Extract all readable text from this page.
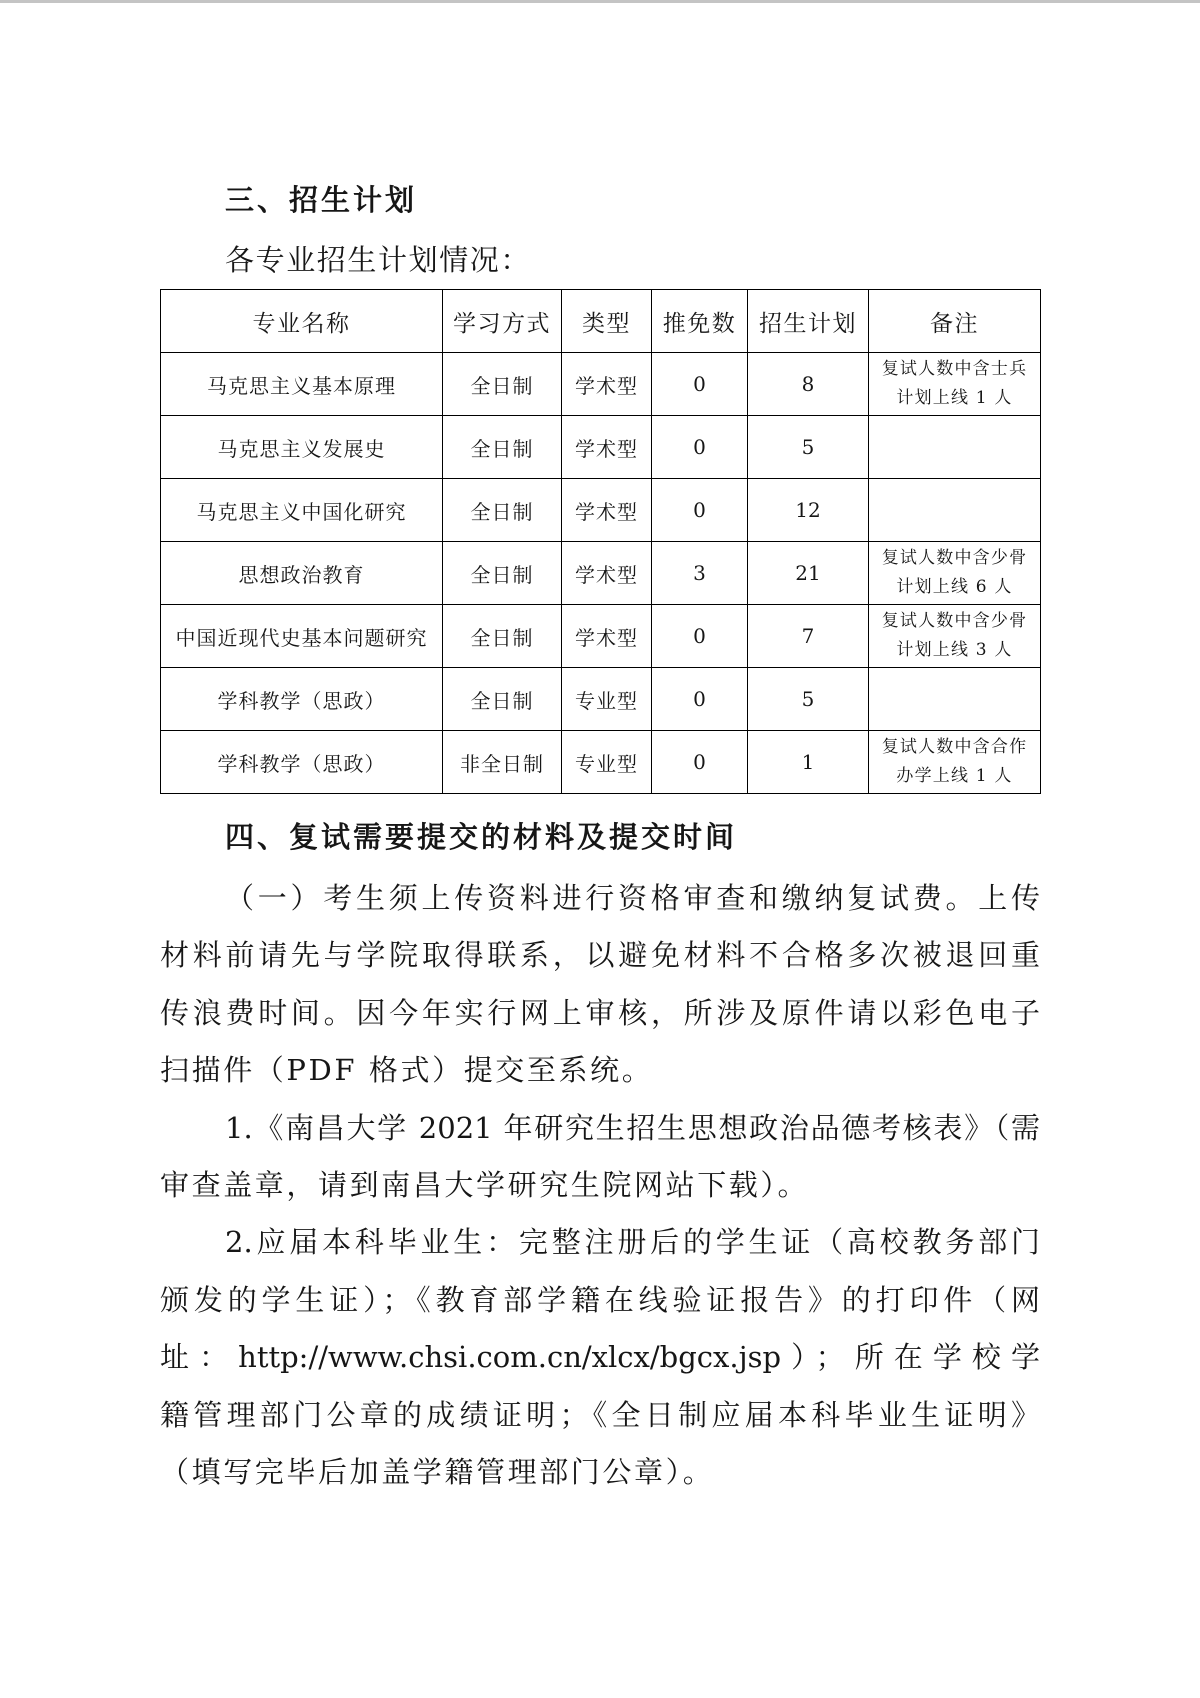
三、招生计划
各专业招生计划情况：
专业名称	学习方式	类型	推免数	招生计划	备注
马克思主义基本原理	全日制	学术型	0	8	复试人数中含士兵
计划上线 1 人

马克思主义发展史	全日制	学术型	0	5	
马克思主义中国化研究	全日制	学术型	0	12	
思想政治教育	全日制	学术型	3	21	复试人数中含少骨
计划上线 6 人

中国近现代史基本问题研究	全日制	学术型	0	7	复试人数中含少骨
计划上线 3 人

学科教学（思政）	全日制	专业型	0	5	
学科教学（思政）	非全日制	专业型	0	1	复试人数中含合作
办学上线 1 人
四、复试需要提交的材料及提交时间
（一）考生须上传资料进行资格审查和缴纳复试费。上传
材料前请先与学院取得联系，以避免材料不合格多次被退回重
传浪费时间。因今年实行网上审核，所涉及原件请以彩色电子
扫描件（PDF 格式）提交至系统。
1.《南昌大学 2021 年研究生招生思想政治品德考核表》（需
审查盖章，请到南昌大学研究生院网站下载）。
2.应届本科毕业生：完整注册后的学生证（高校教务部门
颁发的学生证）；《教育部学籍在线验证报告》的打印件（网
址：http://www.chsi.com.cn/xlcx/bgcx.jsp）；所在学校学
籍管理部门公章的成绩证明；《全日制应届本科毕业生证明》
（填写完毕后加盖学籍管理部门公章）。
